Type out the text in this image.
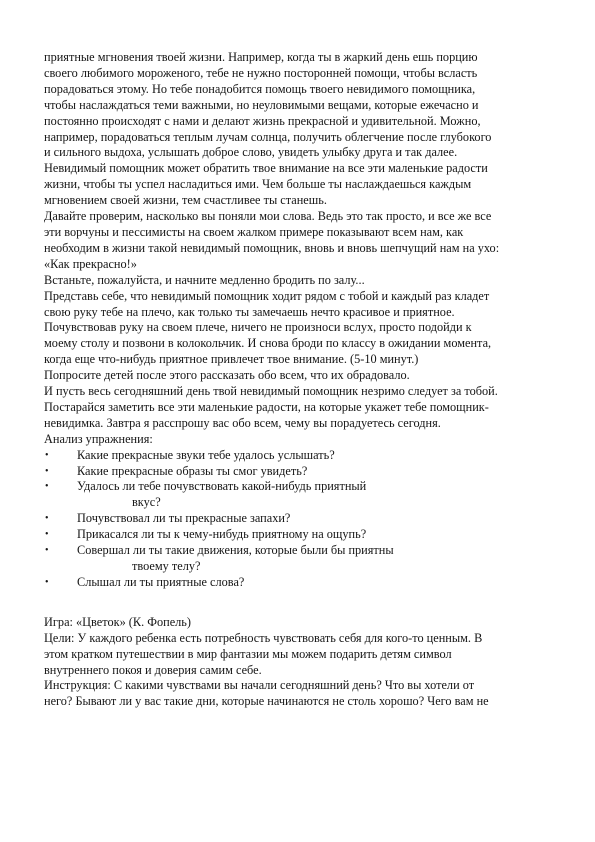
приятные мгновения твоей жизни. Например, когда ты в жаркий день ешь порцию
своего любимого мороженого, тебе не нужно посторонней помощи, чтобы всласть
порадоваться этому. Но тебе понадобится помощь твоего невидимого помощника,
чтобы наслаждаться теми важными, но неуловимыми вещами, которые ежечасно и
постоянно происходят с нами и делают жизнь прекрасной и удивительной. Можно,
например, порадоваться теплым лучам солнца, получить облегчение после глубокого
и сильного выдоха, услышать доброе слово, увидеть улыбку друга и так далее.
Невидимый помощник может обратить твое внимание на все эти маленькие радости
жизни, чтобы ты успел насладиться ими. Чем больше ты наслаждаешься каждым
мгновением своей жизни, тем счастливее ты станешь.
Давайте проверим, насколько вы поняли мои слова. Ведь это так просто, и все же все
эти ворчуны и пессимисты на своем жалком примере показывают всем нам, как
необходим в жизни такой невидимый помощник, вновь и вновь шепчущий нам на ухо:
«Как прекрасно!»
Встаньте, пожалуйста, и начните медленно бродить по залу...
Представь себе, что невидимый помощник ходит рядом с тобой и каждый раз кладет
свою руку тебе на плечо, как только ты замечаешь нечто красивое и приятное.
Почувствовав руку на своем плече, ничего не произноси вслух, просто подойди к
моему столу и позвони в колокольчик. И снова броди по классу в ожидании момента,
когда еще что-нибудь приятное привлечет твое внимание. (5-10 минут.)
Попросите детей после этого рассказать обо всем, что их обрадовало.
И пусть весь сегодняшний день твой невидимый помощник незримо следует за тобой.
Постарайся заметить все эти маленькие радости, на которые укажет тебе помощник-
невидимка. Завтра я расспрошу вас обо всем, чему вы порадуетесь сегодня.
Анализ упражнения:
• Какие прекрасные звуки тебе удалось услышать?
• Какие прекрасные образы ты смог увидеть?
• Удалось ли тебе почувствовать какой-нибудь приятный
вкус?
• Почувствовал ли ты прекрасные запахи?
• Прикасался ли ты к чему-нибудь приятному на ощупь?
• Совершал ли ты такие движения, которые были бы приятны
твоему телу?
• Слышал ли ты приятные слова?
Игра: «Цветок» (К. Фопель)
Цели: У каждого ребенка есть потребность чувствовать себя для кого-то ценным. В
этом кратком путешествии в мир фантазии мы можем подарить детям символ
внутреннего покоя и доверия самим себе.
Инструкция: С какими чувствами вы начали сегодняшний день? Что вы хотели от
него? Бывают ли у вас такие дни, которые начинаются не столь хорошо? Чего вам не
